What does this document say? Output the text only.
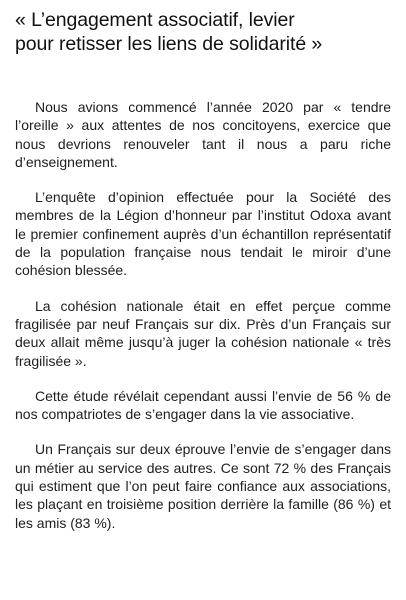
« L’engagement associatif, levier
pour retisser les liens de solidarité »

Nous avions commencé l’année 2020 par « tendre l’oreille » aux attentes de nos concitoyens, exercice que nous devrions renouveler tant il nous a paru riche d’enseignement.

L’enquête d’opinion effectuée pour la Société des membres de la Légion d’honneur par l’institut Odoxa avant le premier confinement auprès d’un échantillon représentatif de la population française nous tendait le miroir d’une cohésion blessée.

La cohésion nationale était en effet perçue comme fragilisée par neuf Français sur dix. Près d’un Français sur deux allait même jusqu’à juger la cohésion nationale « très fragilisée ».

Cette étude révélait cependant aussi l’envie de 56 % de nos compatriotes de s’engager dans la vie associative.

Un Français sur deux éprouve l’envie de s’engager dans un métier au service des autres. Ce sont 72 % des Français qui estiment que l’on peut faire confiance aux associations, les plaçant en troisième position derrière la famille (86 %) et les amis (83 %).
